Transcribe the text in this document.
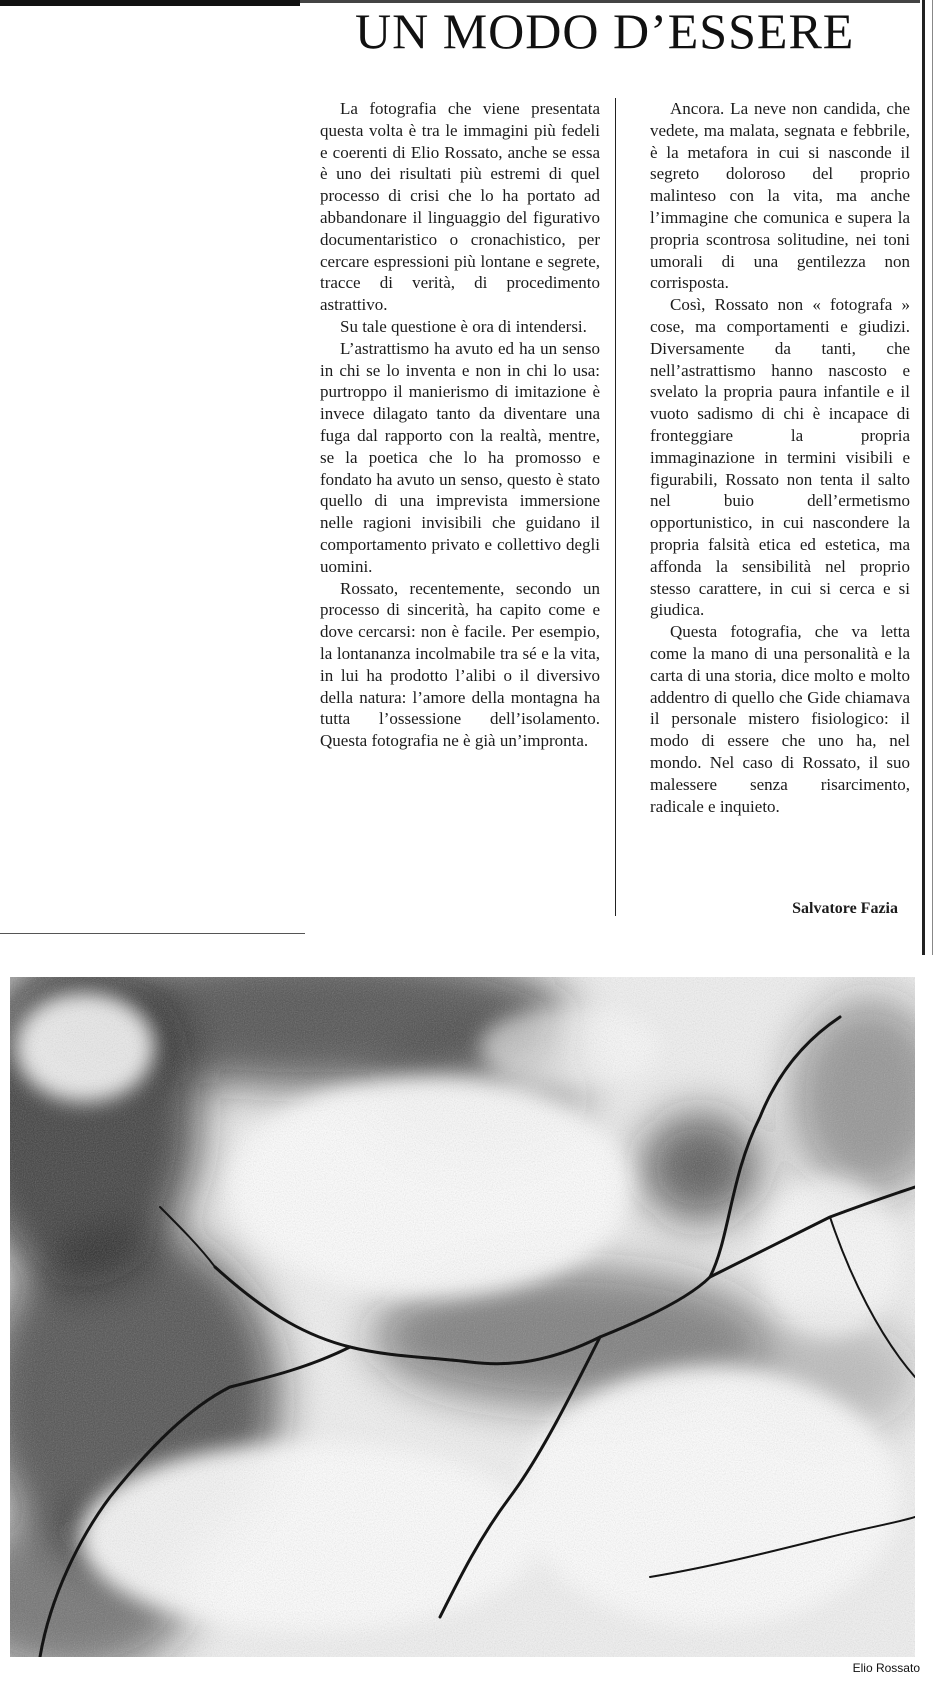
UN MODO D’ESSERE

La fotografia che viene presentata questa volta è tra le immagini più fedeli e coerenti di Elio Rossato, anche se essa è uno dei risultati più estremi di quel processo di crisi che lo ha portato ad abbandonare il linguaggio del figurativo documentaristico o cronachistico, per cercare espressioni più lontane e segrete, tracce di verità, di procedimento astrattivo.

Su tale questione è ora di intendersi.

L’astrattismo ha avuto ed ha un senso in chi se lo inventa e non in chi lo usa: purtroppo il manierismo di imitazione è invece dilagato tanto da diventare una fuga dal rapporto con la realtà, mentre, se la poetica che lo ha promosso e fondato ha avuto un senso, questo è stato quello di una imprevista immersione nelle ragioni invisibili che guidano il comportamento privato e collettivo degli uomini.

Rossato, recentemente, secondo un processo di sincerità, ha capito come e dove cercarsi: non è facile. Per esempio, la lontananza incolmabile tra sé e la vita, in lui ha prodotto l’alibi o il diversivo della natura: l’amore della montagna ha tutta l’ossessione dell’isolamento. Questa fotografia ne è già un’impronta.

Ancora. La neve non candida, che vedete, ma malata, segnata e febbrile, è la metafora in cui si nasconde il segreto doloroso del proprio malinteso con la vita, ma anche l’immagine che comunica e supera la propria scontrosa solitudine, nei toni umorali di una gentilezza non corrisposta.

Così, Rossato non « fotografa » cose, ma comportamenti e giudizi. Diversamente da tanti, che nell’astrattismo hanno nascosto e svelato la propria paura infantile e il vuoto sadismo di chi è incapace di fronteggiare la propria immaginazione in termini visibili e figurabili, Rossato non tenta il salto nel buio dell’ermetismo opportunistico, in cui nascondere la propria falsità etica ed estetica, ma affonda la sensibilità nel proprio stesso carattere, in cui si cerca e si giudica.

Questa fotografia, che va letta come la mano di una personalità e la carta di una storia, dice molto e molto addentro di quello che Gide chiamava il personale mistero fisiologico: il modo di essere che uno ha, nel mondo. Nel caso di Rossato, il suo malessere senza risarcimento, radicale e inquieto.

Salvatore Fazia
Elio Rossato
